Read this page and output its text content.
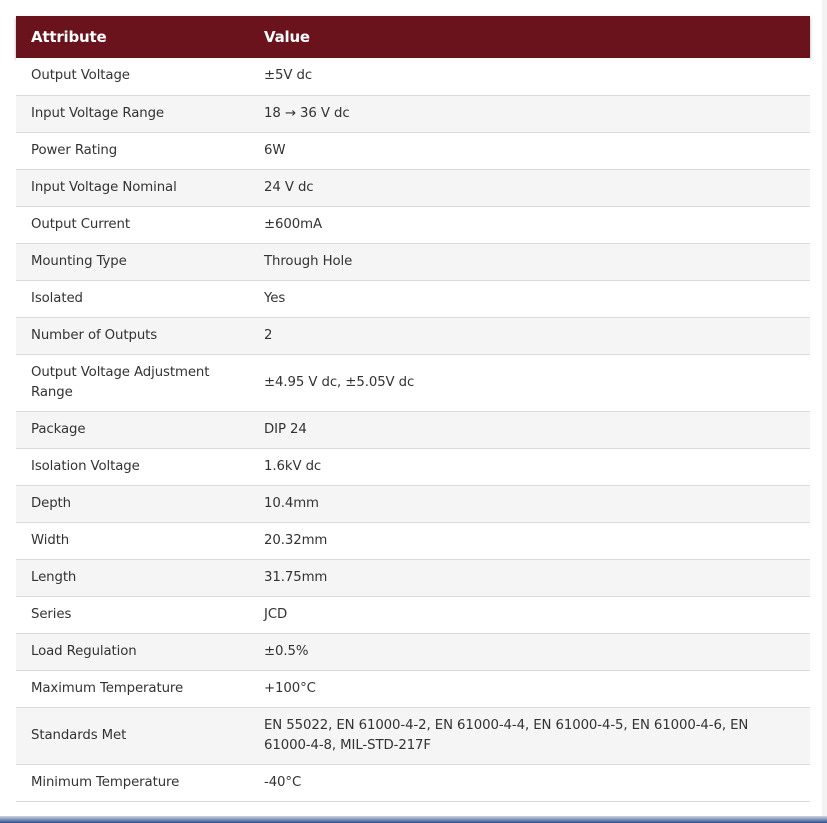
Attribute	Value
Output Voltage	±5V dc
Input Voltage Range	18 → 36 V dc
Power Rating	6W
Input Voltage Nominal	24 V dc
Output Current	±600mA
Mounting Type	Through Hole
Isolated	Yes
Number of Outputs	2
Output Voltage Adjustment Range	±4.95 V dc, ±5.05V dc
Package	DIP 24
Isolation Voltage	1.6kV dc
Depth	10.4mm
Width	20.32mm
Length	31.75mm
Series	JCD
Load Regulation	±0.5%
Maximum Temperature	+100°C
Standards Met	EN 55022, EN 61000-4-2, EN 61000-4-4, EN 61000-4-5, EN 61000-4-6, EN 61000-4-8, MIL-STD-217F
Minimum Temperature	-40°C
